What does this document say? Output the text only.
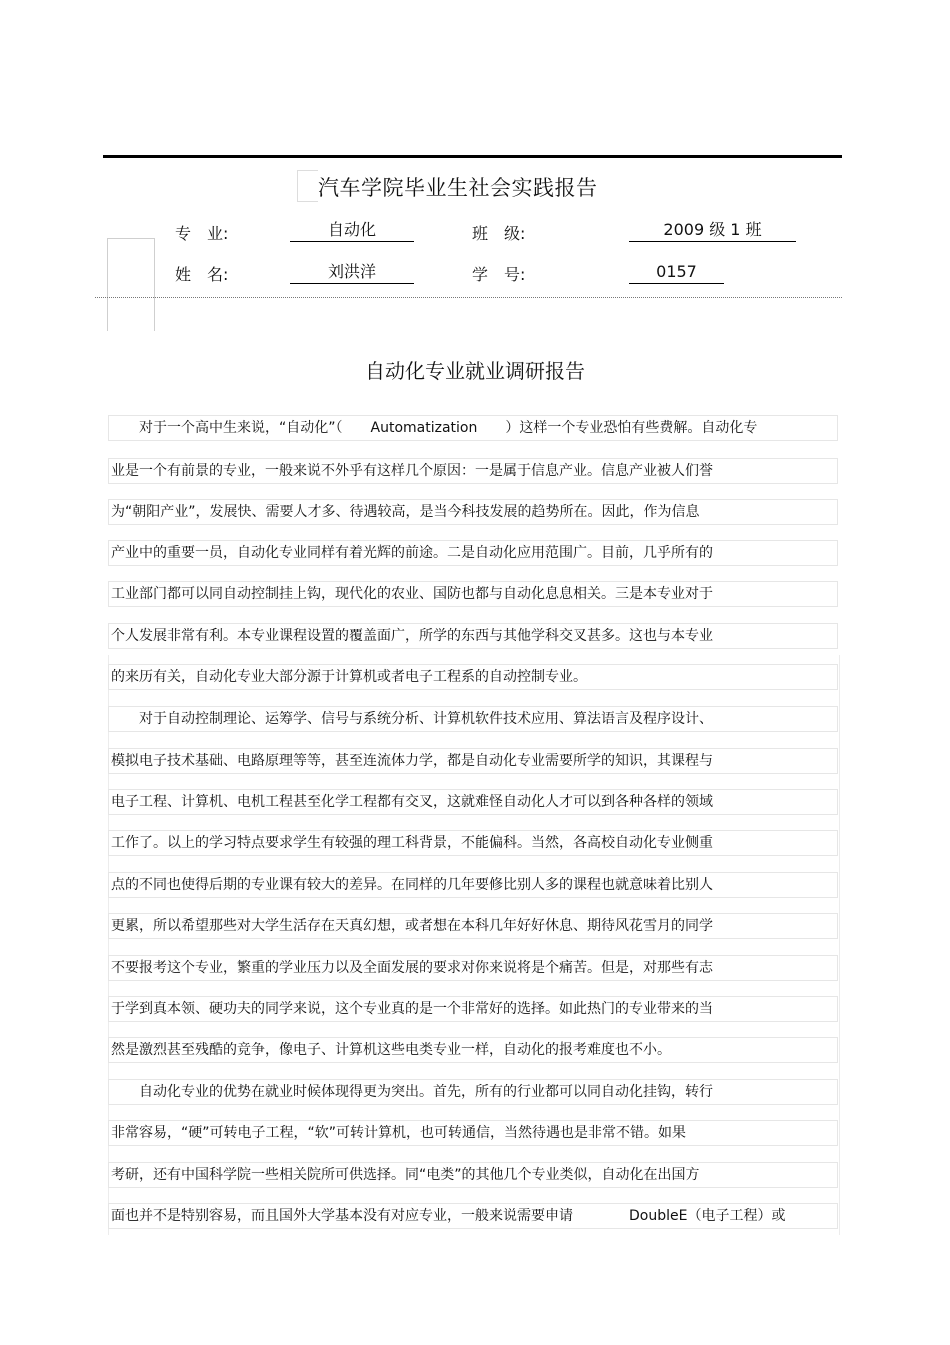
汽车学院毕业生社会实践报告
专　业:	自动化	班　级:	2009 级 1 班
姓　名:	刘洪洋	学　号:	0157
自动化专业就业调研报告
　　对于一个高中生来说，“自动化”（　　Automatization　　）这样一个专业恐怕有些费解。自动化专
业是一个有前景的专业，一般来说不外乎有这样几个原因：一是属于信息产业。信息产业被人们誉
为“朝阳产业”，发展快、需要人才多、待遇较高，是当今科技发展的趋势所在。因此，作为信息
产业中的重要一员，自动化专业同样有着光辉的前途。二是自动化应用范围广。目前，几乎所有的
工业部门都可以同自动控制挂上钩，现代化的农业、国防也都与自动化息息相关。三是本专业对于
个人发展非常有利。本专业课程设置的覆盖面广，所学的东西与其他学科交叉甚多。这也与本专业
的来历有关，自动化专业大部分源于计算机或者电子工程系的自动控制专业。
　　对于自动控制理论、运筹学、信号与系统分析、计算机软件技术应用、算法语言及程序设计、
模拟电子技术基础、电路原理等等，甚至连流体力学，都是自动化专业需要所学的知识，其课程与
电子工程、计算机、电机工程甚至化学工程都有交叉，这就难怪自动化人才可以到各种各样的领域
工作了。以上的学习特点要求学生有较强的理工科背景，不能偏科。当然，各高校自动化专业侧重
点的不同也使得后期的专业课有较大的差异。在同样的几年要修比别人多的课程也就意味着比别人
更累，所以希望那些对大学生活存在天真幻想，或者想在本科几年好好休息、期待风花雪月的同学
不要报考这个专业，繁重的学业压力以及全面发展的要求对你来说将是个痛苦。但是，对那些有志
于学到真本领、硬功夫的同学来说，这个专业真的是一个非常好的选择。如此热门的专业带来的当
然是激烈甚至残酷的竞争，像电子、计算机这些电类专业一样，自动化的报考难度也不小。
　　自动化专业的优势在就业时候体现得更为突出。首先，所有的行业都可以同自动化挂钩，转行
非常容易，“硬”可转电子工程，“软”可转计算机，也可转通信，当然待遇也是非常不错。如果
考研，还有中国科学院一些相关院所可供选择。同“电类”的其他几个专业类似，自动化在出国方
面也并不是特别容易，而且国外大学基本没有对应专业，一般来说需要申请　　　　DoubleE（电子工程）或
